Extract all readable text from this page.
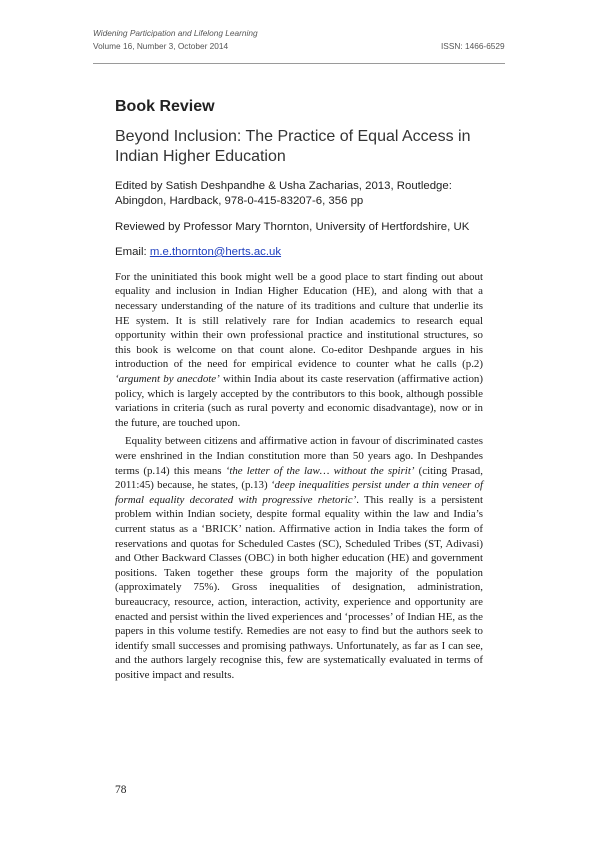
Widening Participation and Lifelong Learning
Volume 16, Number 3, October 2014	ISSN: 1466-6529
Book Review
Beyond Inclusion: The Practice of Equal Access in Indian Higher Education

Edited by Satish Deshpandhe & Usha Zacharias, 2013, Routledge: Abingdon, Hardback, 978-0-415-83207-6, 356 pp

Reviewed by Professor Mary Thornton, University of Hertfordshire, UK

Email: m.e.thornton@herts.ac.uk

For the uninitiated this book might well be a good place to start finding out about equality and inclusion in Indian Higher Education (HE), and along with that a necessary understanding of the nature of its traditions and culture that underlie its HE system. It is still relatively rare for Indian academics to research equal opportunity within their own professional practice and institutional structures, so this book is welcome on that count alone. Co-editor Deshpande argues in his introduction of the need for empirical evidence to counter what he calls (p.2) ‘argument by anecdote’ within India about its caste reservation (affirmative action) policy, which is largely accepted by the contributors to this book, although possible variations in criteria (such as rural poverty and economic disadvantage), now or in the future, are touched upon.

Equality between citizens and affirmative action in favour of discriminated castes were enshrined in the Indian constitution more than 50 years ago. In Deshpandes terms (p.14) this means ‘the letter of the law… without the spirit’ (citing Prasad, 2011:45) because, he states, (p.13) ‘deep inequalities persist under a thin veneer of formal equality decorated with progressive rhetoric’. This really is a persistent problem within Indian society, despite formal equality within the law and India’s current status as a ‘BRICK’ nation. Affirmative action in India takes the form of reservations and quotas for Scheduled Castes (SC), Scheduled Tribes (ST, Adivasi) and Other Backward Classes (OBC) in both higher education (HE) and government positions. Taken together these groups form the majority of the population (approximately 75%). Gross inequalities of designation, administration, bureaucracy, resource, action, interaction, activity, experience and opportunity are enacted and persist within the lived experiences and ‘processes’ of Indian HE, as the papers in this volume testify. Remedies are not easy to find but the authors seek to identify small successes and promising pathways. Unfortunately, as far as I can see, and the authors largely recognise this, few are systematically evaluated in terms of positive impact and results.

78
